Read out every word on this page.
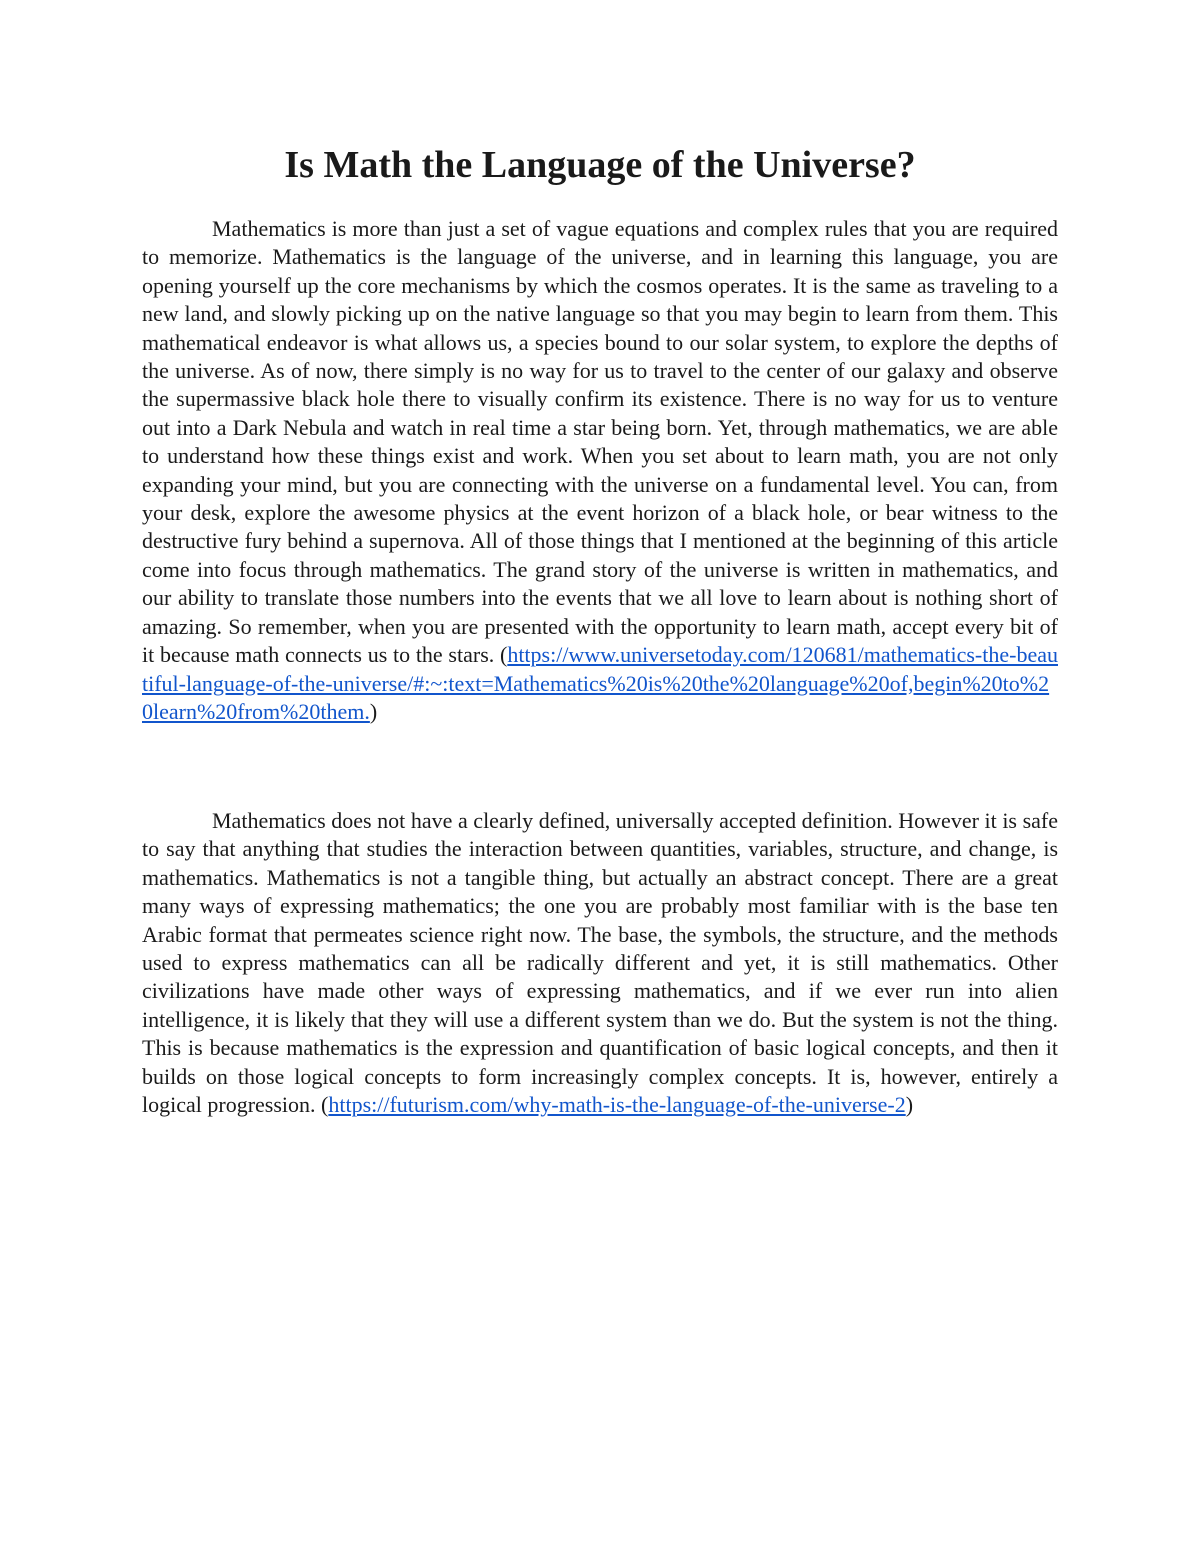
Is Math the Language of the Universe?

Mathematics is more than just a set of vague equations and complex rules that you are required to memorize. Mathematics is the language of the universe, and in learning this language, you are opening yourself up the core mechanisms by which the cosmos operates. It is the same as traveling to a new land, and slowly picking up on the native language so that you may begin to learn from them. This mathematical endeavor is what allows us, a species bound to our solar system, to explore the depths of the universe. As of now, there simply is no way for us to travel to the center of our galaxy and observe the supermassive black hole there to visually confirm its existence. There is no way for us to venture out into a Dark Nebula and watch in real time a star being born. Yet, through mathematics, we are able to understand how these things exist and work. When you set about to learn math, you are not only expanding your mind, but you are connecting with the universe on a fundamental level. You can, from your desk, explore the awesome physics at the event horizon of a black hole, or bear witness to the destructive fury behind a supernova. All of those things that I mentioned at the beginning of this article come into focus through mathematics. The grand story of the universe is written in mathematics, and our ability to translate those numbers into the events that we all love to learn about is nothing short of amazing. So remember, when you are presented with the opportunity to learn math, accept every bit of it because math connects us to the stars. (https://www.universetoday.com/120681/mathematics-the-beautiful-language-of-the-universe/#:~:text=Mathematics%20is%20the%20language%20of,begin%20to%20learn%20from%20them.)

Mathematics does not have a clearly defined, universally accepted definition. However it is safe to say that anything that studies the interaction between quantities, variables, structure, and change, is mathematics. Mathematics is not a tangible thing, but actually an abstract concept. There are a great many ways of expressing mathematics; the one you are probably most familiar with is the base ten Arabic format that permeates science right now. The base, the symbols, the structure, and the methods used to express mathematics can all be radically different and yet, it is still mathematics. Other civilizations have made other ways of expressing mathematics, and if we ever run into alien intelligence, it is likely that they will use a different system than we do. But the system is not the thing. This is because mathematics is the expression and quantification of basic logical concepts, and then it builds on those logical concepts to form increasingly complex concepts. It is, however, entirely a logical progression. (https://futurism.com/why-math-is-the-language-of-the-universe-2)
